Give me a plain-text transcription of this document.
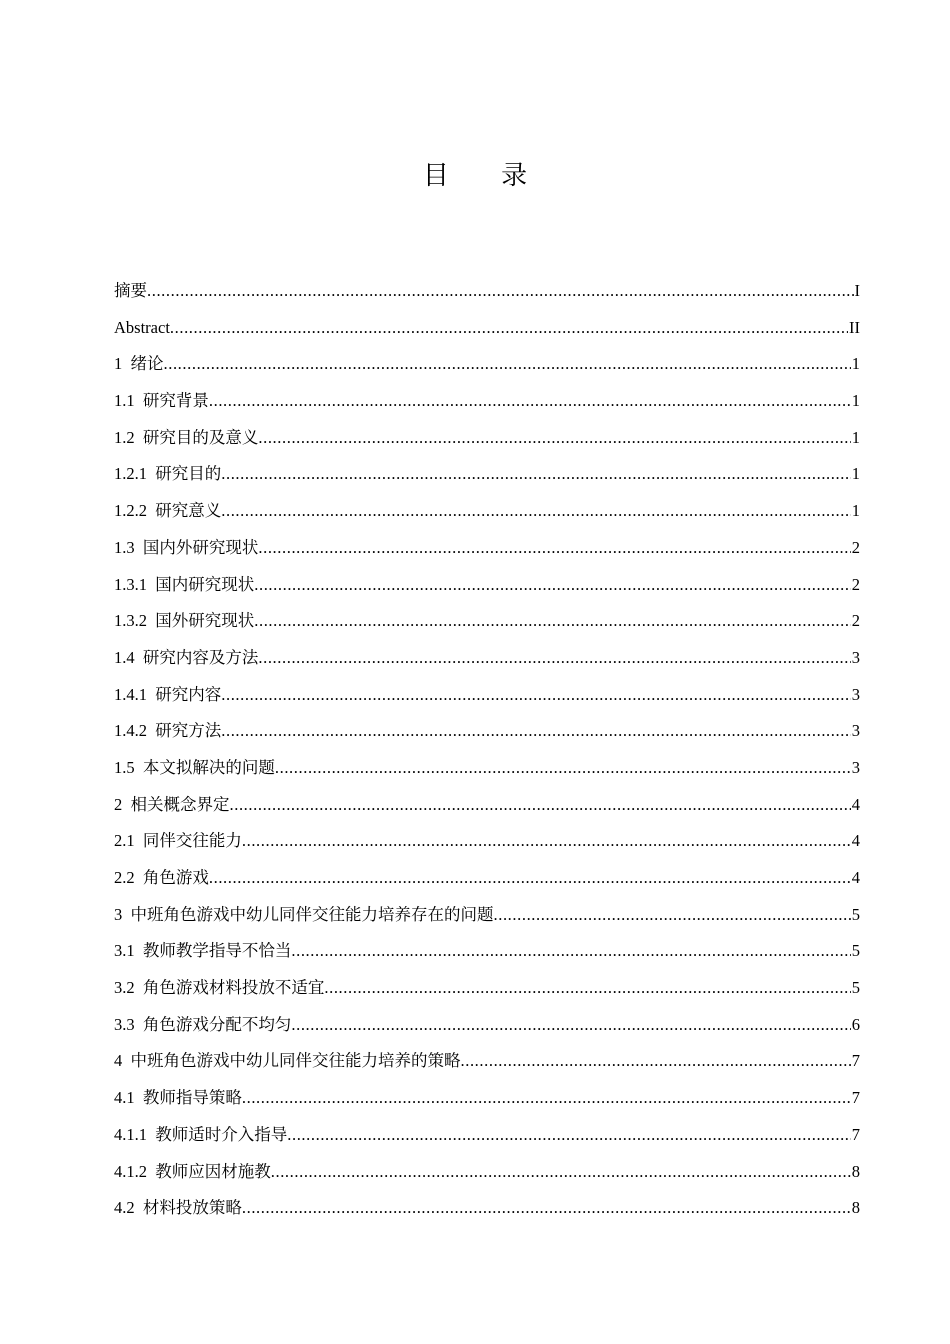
目 录
摘要 .....	I
Abstract .....	II
1  绪论 .....	1
1.1  研究背景 .....	1
1.2  研究目的及意义 .....	1
1.2.1  研究目的 .....	1
1.2.2  研究意义 .....	1
1.3  国内外研究现状 .....	2
1.3.1  国内研究现状 .....	2
1.3.2  国外研究现状 .....	2
1.4  研究内容及方法 .....	3
1.4.1  研究内容 .....	3
1.4.2  研究方法 .....	3
1.5  本文拟解决的问题 .....	3
2  相关概念界定 .....	4
2.1  同伴交往能力 .....	4
2.2  角色游戏 .....	4
3  中班角色游戏中幼儿同伴交往能力培养存在的问题 .....	5
3.1  教师教学指导不恰当 .....	5
3.2  角色游戏材料投放不适宜 .....	5
3.3  角色游戏分配不均匀 .....	6
4  中班角色游戏中幼儿同伴交往能力培养的策略 .....	7
4.1  教师指导策略 .....	7
4.1.1  教师适时介入指导 .....	7
4.1.2  教师应因材施教 .....	8
4.2  材料投放策略 .....	8
